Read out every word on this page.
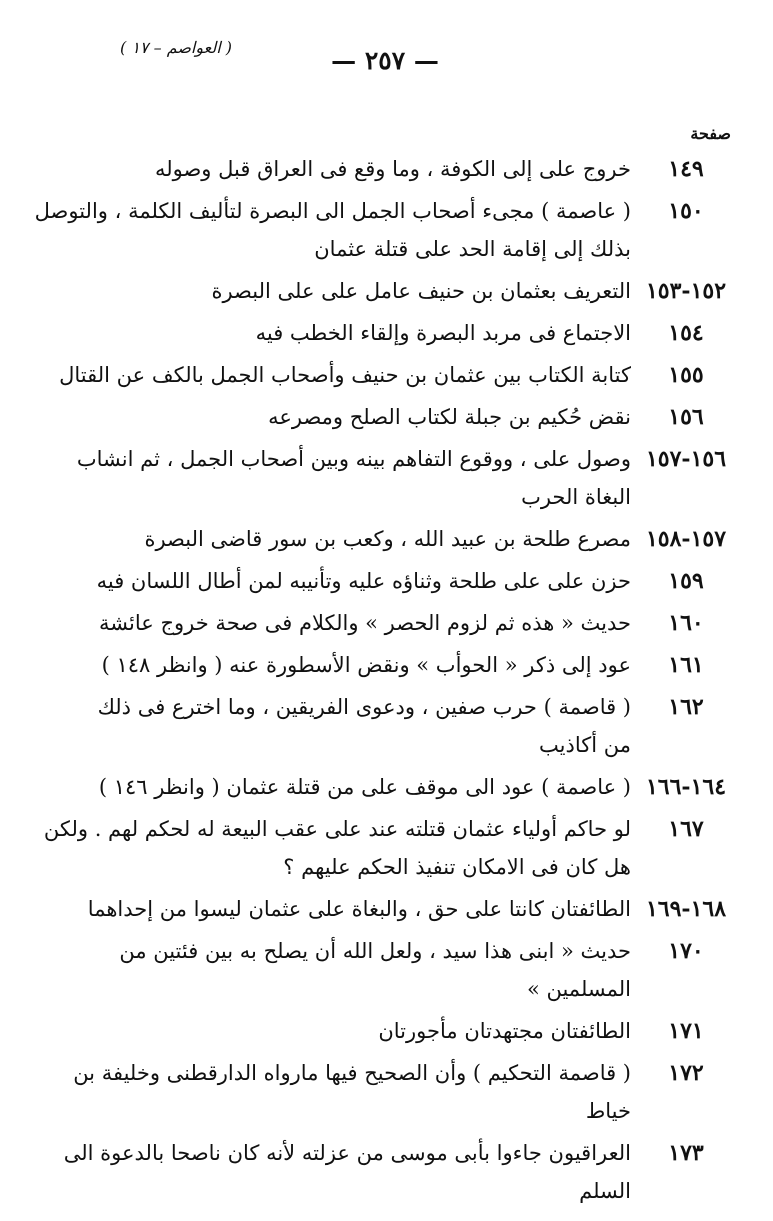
— ٢٥٧ —
( العواصم – ١٧ )
صفحة
١٤٩
خروج على إلى الكوفة ، وما وقع فى العراق قبل وصوله
١٥٠
( عاصمة ) مجىء أصحاب الجمل الى البصرة لتأليف الكلمة ، والتوصل
بذلك إلى إقامة الحد على قتلة عثمان
١٥٢-١٥٣
التعريف بعثمان بن حنيف عامل على على البصرة
١٥٤
الاجتماع فى مربد البصرة وإلقاء الخطب فيه
١٥٥
كتابة الكتاب بين عثمان بن حنيف وأصحاب الجمل بالكف عن القتال
١٥٦
نقض حُكيم بن جبلة لكتاب الصلح ومصرعه
١٥٦-١٥٧
وصول على ، ووقوع التفاهم بينه وبين أصحاب الجمل ، ثم انشاب
البغاة الحرب
١٥٧-١٥٨
مصرع طلحة بن عبيد الله ، وكعب بن سور قاضى البصرة
١٥٩
حزن على على طلحة وثناؤه عليه وتأنيبه لمن أطال اللسان فيه
١٦٠
حديث « هذه ثم لزوم الحصر » والكلام فى صحة خروج عائشة
١٦١
عود إلى ذكر « الحوأب » ونقض الأسطورة عنه ( وانظر ١٤٨ )
١٦٢
( قاصمة ) حرب صفين ، ودعوى الفريقين ، وما اخترع فى ذلك
من أكاذيب
١٦٤-١٦٦
( عاصمة ) عود الى موقف على من قتلة عثمان ( وانظر ١٤٦ )
١٦٧
لو حاكم أولياء عثمان قتلته عند على عقب البيعة له لحكم لهم . ولكن
هل كان فى الامكان تنفيذ الحكم عليهم ؟
١٦٨-١٦٩
الطائفتان كانتا على حق ، والبغاة على عثمان ليسوا من إحداهما
١٧٠
حديث « ابنى هذا سيد ، ولعل الله أن يصلح به بين فئتين من المسلمين »
١٧١
الطائفتان مجتهدتان مأجورتان
١٧٢
( قاصمة التحكيم ) وأن الصحيح فيها مارواه الدارقطنى وخليفة بن خياط
١٧٣
العراقيون جاءوا بأبى موسى من عزلته لأنه كان ناصحا بالدعوة الى السلم
